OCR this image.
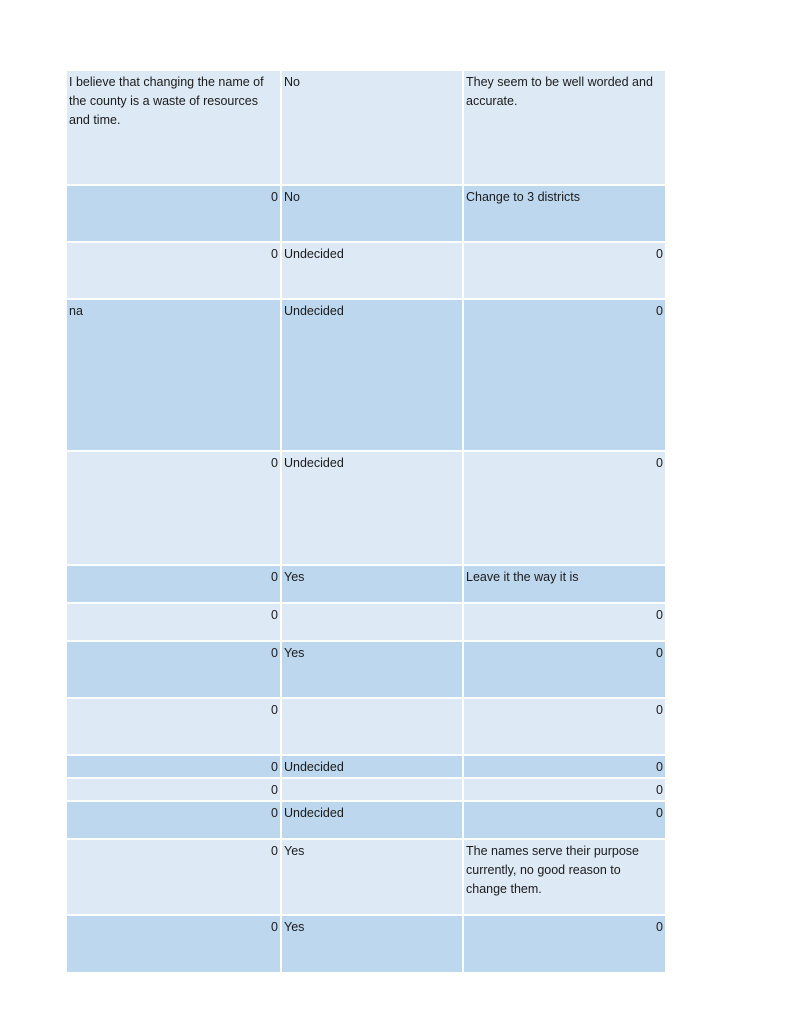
I believe that changing the name of the county is a waste of resources and time.	No	They seem to be well worded and accurate.
0	No	Change to 3 districts
0	Undecided	0
na	Undecided	0
0	Undecided	0
0	Yes	Leave it the way it is
0		0
0	Yes	0
0		0
0	Undecided	0
0		0
0	Undecided	0
0	Yes	The names serve their purpose currently, no good reason to change them.
0	Yes	0
